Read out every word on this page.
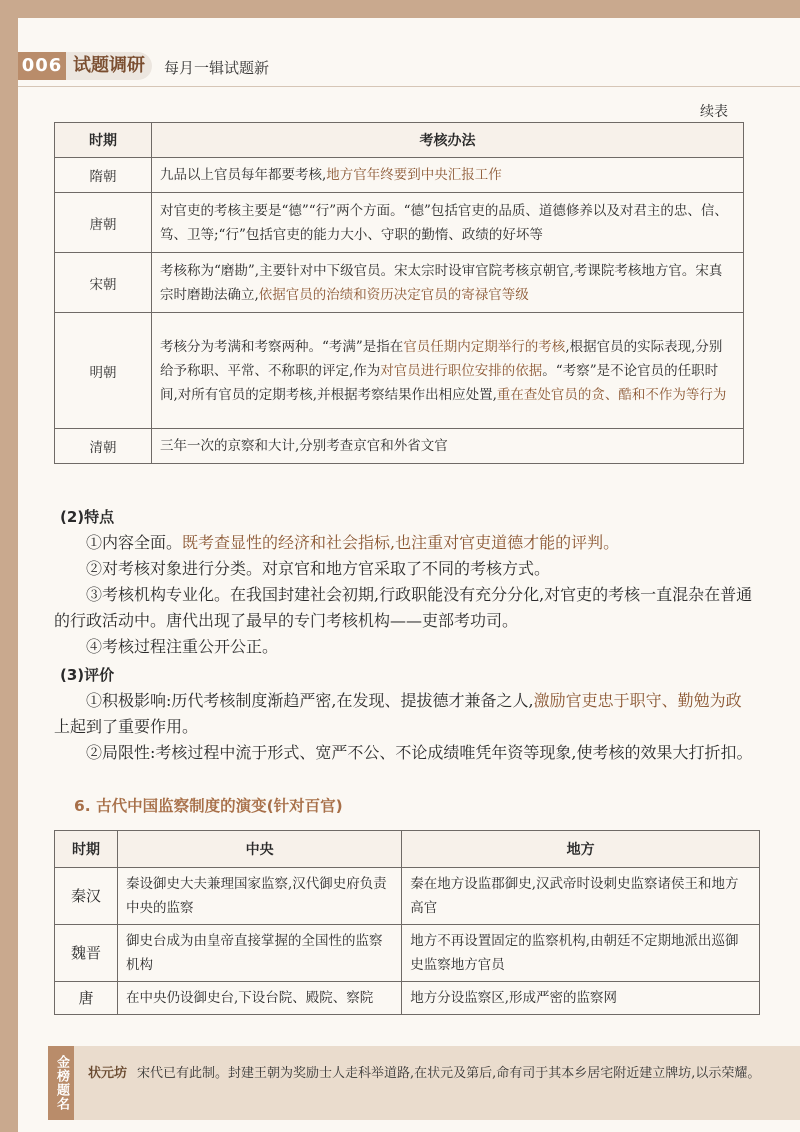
006 试题调研	每月一辑试题新
续表
时期	考核办法
隋朝	九品以上官员每年都要考核,地方官年终要到中央汇报工作
唐朝	对官吏的考核主要是“德”“行”两个方面。“德”包括官吏的品质、道德修养以及对君主的忠、信、笃、卫等;“行”包括官吏的能力大小、守职的勤惰、政绩的好坏等
宋朝	考核称为“磨勘”,主要针对中下级官员。宋太宗时设审官院考核京朝官,考课院考核地方官。宋真宗时磨勘法确立,依据官员的治绩和资历决定官员的寄禄官等级
明朝	考核分为考满和考察两种。“考满”是指在官员任期内定期举行的考核,根据官员的实际表现,分别给予称职、平常、不称职的评定,作为对官员进行职位安排的依据。“考察”是不论官员的任职时间,对所有官员的定期考核,并根据考察结果作出相应处置,重在查处官员的贪、酷和不作为等行为
清朝	三年一次的京察和大计,分别考查京官和外省文官

(2)特点

①内容全面。既考查显性的经济和社会指标,也注重对官吏道德才能的评判。

②对考核对象进行分类。对京官和地方官采取了不同的考核方式。

③考核机构专业化。在我国封建社会初期,行政职能没有充分分化,对官吏的考核一直混杂在普通的行政活动中。唐代出现了最早的专门考核机构——吏部考功司。

④考核过程注重公开公正。

(3)评价

①积极影响:历代考核制度渐趋严密,在发现、提拔德才兼备之人,激励官吏忠于职守、勤勉为政上起到了重要作用。

②局限性:考核过程中流于形式、宽严不公、不论成绩唯凭年资等现象,使考核的效果大打折扣。

6. 古代中国监察制度的演变(针对百官)
时期	中央	地方
秦汉	秦设御史大夫兼理国家监察,汉代御史府负责中央的监察	秦在地方设监郡御史,汉武帝时设刺史监察诸侯王和地方高官
魏晋	御史台成为由皇帝直接掌握的全国性的监察机构	地方不再设置固定的监察机构,由朝廷不定期地派出巡御史监察地方官员
唐	在中央仍设御史台,下设台院、殿院、察院	地方分设监察区,形成严密的监察网
金榜题名	状元坊 宋代已有此制。封建王朝为奖励士人走科举道路,在状元及第后,命有司于其本乡居宅附近建立牌坊,以示荣耀。
